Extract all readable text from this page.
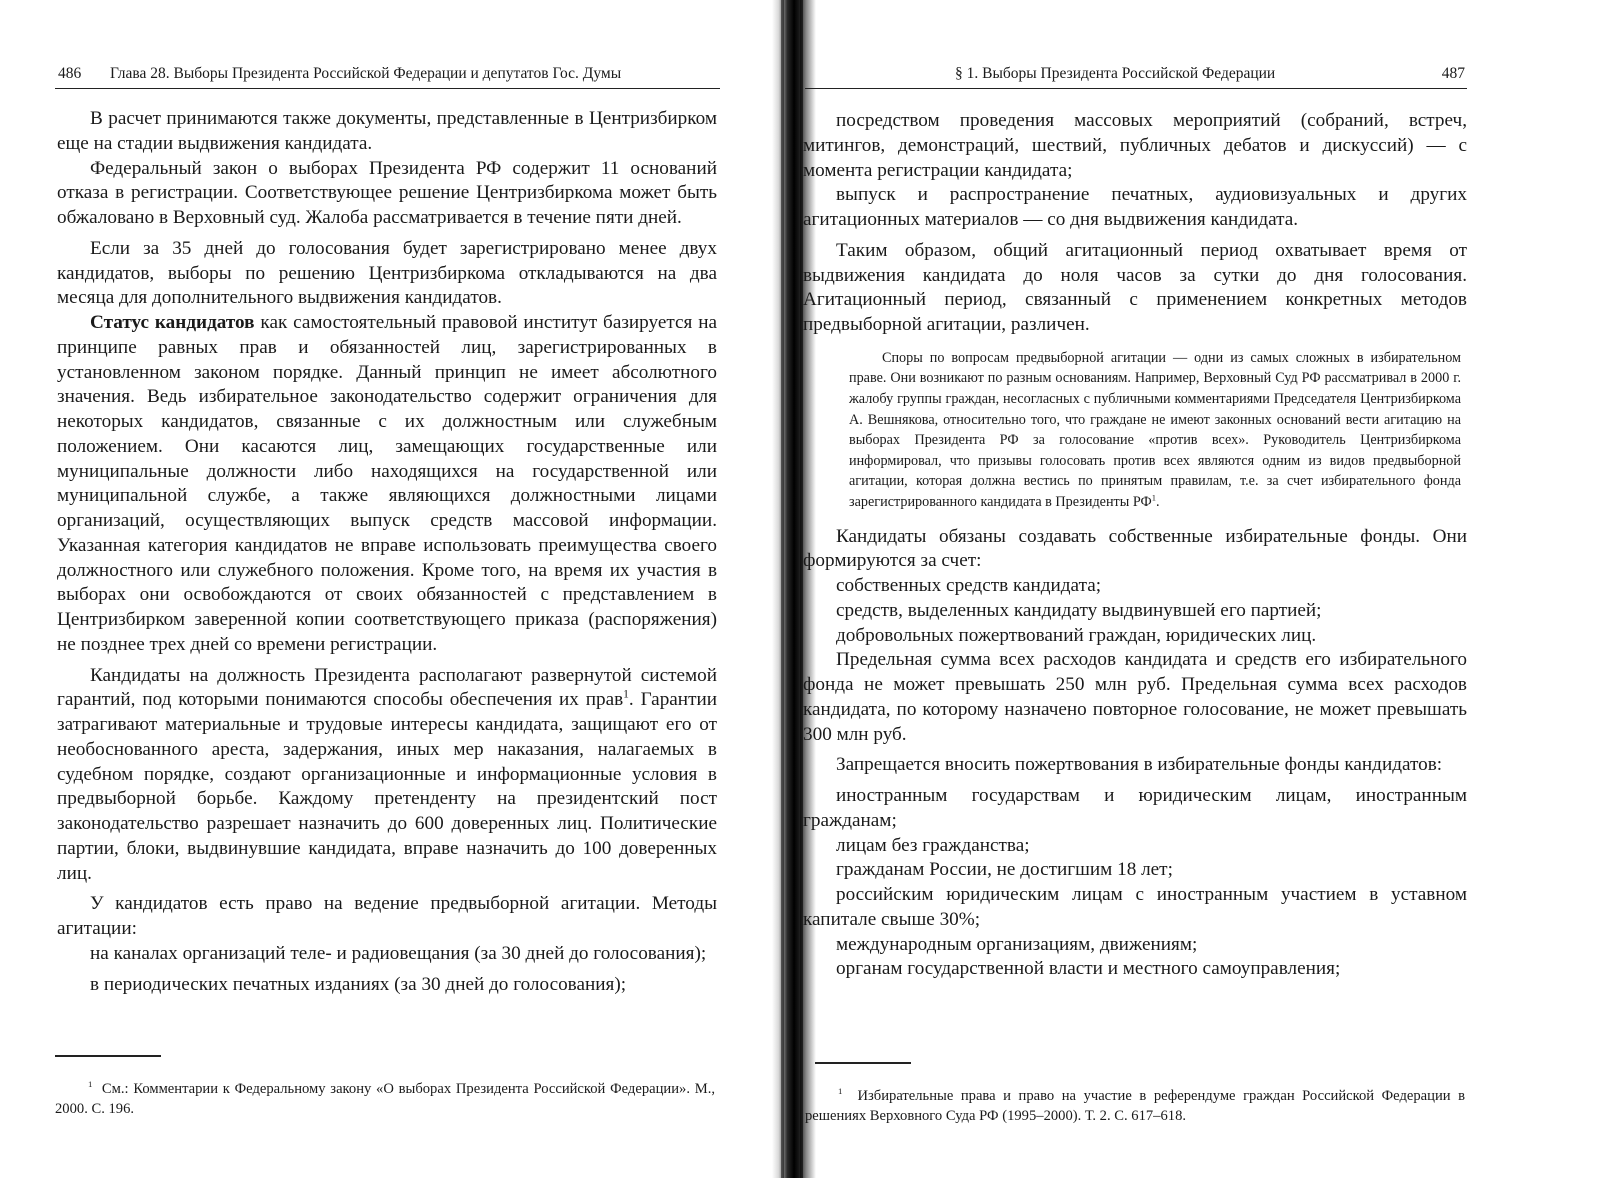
486 Глава 28. Выборы Президента Российской Федерации и депутатов Гос. Думы

В расчет принимаются также документы, представленные в Центризбирком еще на стадии выдвижения кандидата.

Федеральный закон о выборах Президента РФ содержит 11 оснований отказа в регистрации. Соответствующее решение Центризбиркома может быть обжаловано в Верховный суд. Жалоба рассматривается в течение пяти дней.

Если за 35 дней до голосования будет зарегистрировано менее двух кандидатов, выборы по решению Центризбиркома откладываются на два месяца для дополнительного выдвижения кандидатов.

Статус кандидатов как самостоятельный правовой институт базируется на принципе равных прав и обязанностей лиц, зарегистрированных в установленном законом порядке. Данный принцип не имеет абсолютного значения. Ведь избирательное законодательство содержит ограничения для некоторых кандидатов, связанные с их должностным или служебным положением. Они касаются лиц, замещающих государственные или муниципальные должности либо находящихся на государственной или муниципальной службе, а также являющихся должностными лицами организаций, осуществляющих выпуск средств массовой информации. Указанная категория кандидатов не вправе использовать преимущества своего должностного или служебного положения. Кроме того, на время их участия в выборах они освобождаются от своих обязанностей с представлением в Центризбирком заверенной копии соответствующего приказа (распоряжения) не позднее трех дней со времени регистрации.

Кандидаты на должность Президента располагают развернутой системой гарантий, под которыми понимаются способы обеспечения их прав$^1$. Гарантии затрагивают материальные и трудовые интересы кандидата, защищают его от необоснованного ареста, задержания, иных мер наказания, налагаемых в судебном порядке, создают организационные и информационные условия в предвыборной борьбе. Каждому претенденту на президентский пост законодательство разрешает назначить до 600 доверенных лиц. Политические партии, блоки, выдвинувшие кандидата, вправе назначить до 100 доверенных лиц.

У кандидатов есть право на ведение предвыборной агитации. Методы агитации:

на каналах организаций теле- и радиовещания (за 30 дней до голосования);

в периодических печатных изданиях (за 30 дней до голосования);

$^1$ См.: Комментарии к Федеральному закону «О выборах Президента Российской Федерации». М., 2000. С. 196.
§ 1. Выборы Президента Российской Федерации	487

посредством проведения массовых мероприятий (собраний, встреч, митингов, демонстраций, шествий, публичных дебатов и дискуссий) — с момента регистрации кандидата;

выпуск и распространение печатных, аудиовизуальных и других агитационных материалов — со дня выдвижения кандидата.

Таким образом, общий агитационный период охватывает время от выдвижения кандидата до ноля часов за сутки до дня голосования. Агитационный период, связанный с применением конкретных методов предвыборной агитации, различен.

Споры по вопросам предвыборной агитации — одни из самых сложных в избирательном праве. Они возникают по разным основаниям. Например, Верховный Суд РФ рассматривал в 2000 г. жалобу группы граждан, несогласных с публичными комментариями Председателя Центризбиркома А. Вешнякова, относительно того, что граждане не имеют законных оснований вести агитацию на выборах Президента РФ за голосование «против всех». Руководитель Центризбиркома информировал, что призывы голосовать против всех являются одним из видов предвыборной агитации, которая должна вестись по принятым правилам, т.е. за счет избирательного фонда зарегистрированного кандидата в Президенты $РФ^1$.

Кандидаты обязаны создавать собственные избирательные фонды. Они формируются за счет:

собственных средств кандидата;

средств, выделенных кандидату выдвинувшей его партией;

добровольных пожертвований граждан, юридических лиц.

Предельная сумма всех расходов кандидата и средств его избирательного фонда не может превышать 250 млн руб. Предельная сумма всех расходов кандидата, по которому назначено повторное голосование, не может превышать 300 млн руб.

Запрещается вносить пожертвования в избирательные фонды кандидатов:

иностранным государствам и юридическим лицам, иностранным гражданам;

лицам без гражданства;

гражданам России, не достигшим 18 лет;

российским юридическим лицам с иностранным участием в уставном капитале свыше 30%;

международным организациям, движениям;

органам государственной власти и местного самоуправления;

$^1$ Избирательные права и право на участие в референдуме граждан Российской Федерации в решениях Верховного Суда РФ (1995–2000). Т. 2. С. 617–618.
